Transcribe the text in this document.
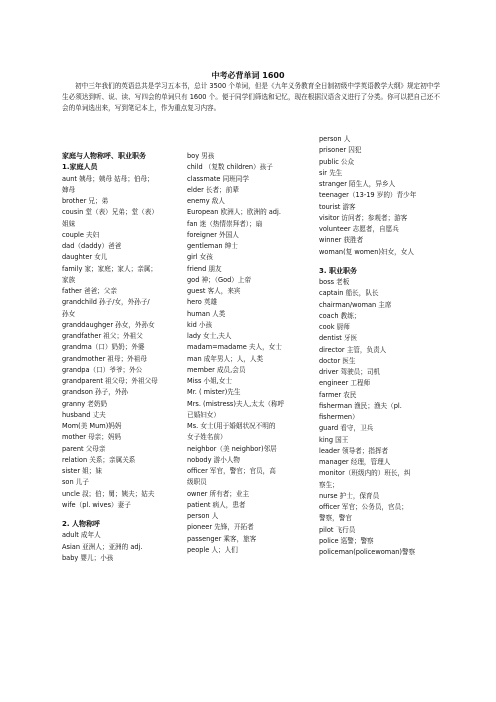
中考必背单词 1600
初中三年我们的英语总共是学习五本书，总计 3500 个单词，但是《九年义务教育全日制初级中学英语教学大纲》规定初中学生必须达到听、说、读、写四会的单词只有 1600 个。便于同学们筛选和记忆，现在根据汉语含义进行了分类。你可以把自己还不会的单词选出来，写到笔记本上，作为重点复习内容。
家庭与人物称呼、职业职务
1.家庭人员
aunt 姨母；姨母 姑母；伯母；
婶母
brother 兄；弟
cousin 堂（表）兄弟；堂（表）
姐妹
couple 夫妇
dad（daddy）爸爸
daughter 女儿
family 家；家庭；家人；亲属；
家族
father 爸爸；父亲
grandchild 孙子/女，外孙子/
孙女
granddaughger 孙女，外孙女
grandfather 祖父；外祖父
grandma（口）奶奶；外婆
grandmother 祖母；外祖母
grandpa（口）爷爷；外公
grandparent 祖父母；外祖父母
grandson 孙子，外孙
granny 老奶奶
husband 丈夫
Mom(美 Mum)妈妈
mother 母亲；妈妈
parent 父母亲
relation 关系；亲属关系
sister 姐；妹
son 儿子
uncle 叔；伯；舅；姨夫；姑夫
wife（pl. wives）妻子
2. 人物称呼
adult 成年人
Asian 亚洲人；亚洲的 adj.
baby 婴儿；小孩
boy 男孩
child （复数 children）孩子
classmate 同班同学
elder 长者；前辈
enemy 敌人
European 欧洲人；欧洲的 adj.
fan 迷（热情崇拜者）；扇
foreigner 外国人
gentleman 绅士
girl 女孩
friend 朋友
god 神；（God）上帝
guest 客人，来宾
hero 英雄
human 人类
kid 小孩
lady 女士,夫人
madam=madame 夫人，女士
man 成年男人；人，人类
member 成员,会员
Miss 小姐,女士
Mr. ( mister)先生
Mrs. (mistress)夫人,太太（称呼
已婚妇女）
Ms. 女士(用于婚姻状况不明的
女子姓名前）
neighbor（美 neighbor)邻居
nobody 游小人物
officer 军官，警官；官员，高
级职员
owner 所有者；业主
patient 病人，患者
person 人
pioneer 先锋，开拓者
passenger 乘客，旅客
people 人；人们
person 人
prisoner 囚犯
public 公众
sir 先生
stranger 陌生人，异乡人
teenager（13-19 岁的）青少年
tourist 游客
visitor 访问者；参观者；游客
volunteer 志愿者，自愿兵
winner 获胜者
woman(复 women)妇女，女人
3. 职业职务
boss 老板
captain 船长，队长
chairman/woman 主席
coach 教练；
cook 厨师
dentist 牙医
director 主管，负责人
doctor 医生
driver 驾驶员；司机
engineer 工程师
farmer 农民
fisherman 渔民；渔夫（pl.
fishermen）
guard 看守，卫兵
king 国王
leader 领导者；指挥者
manager 经理，管理人
monitor（班级内的）班长，纠
察生；
nurse 护士，保育员
officer 军官；公务员，官员；
警察，警官
pilot 飞行员
police 巡警；警察
policeman(policewoman)警察
